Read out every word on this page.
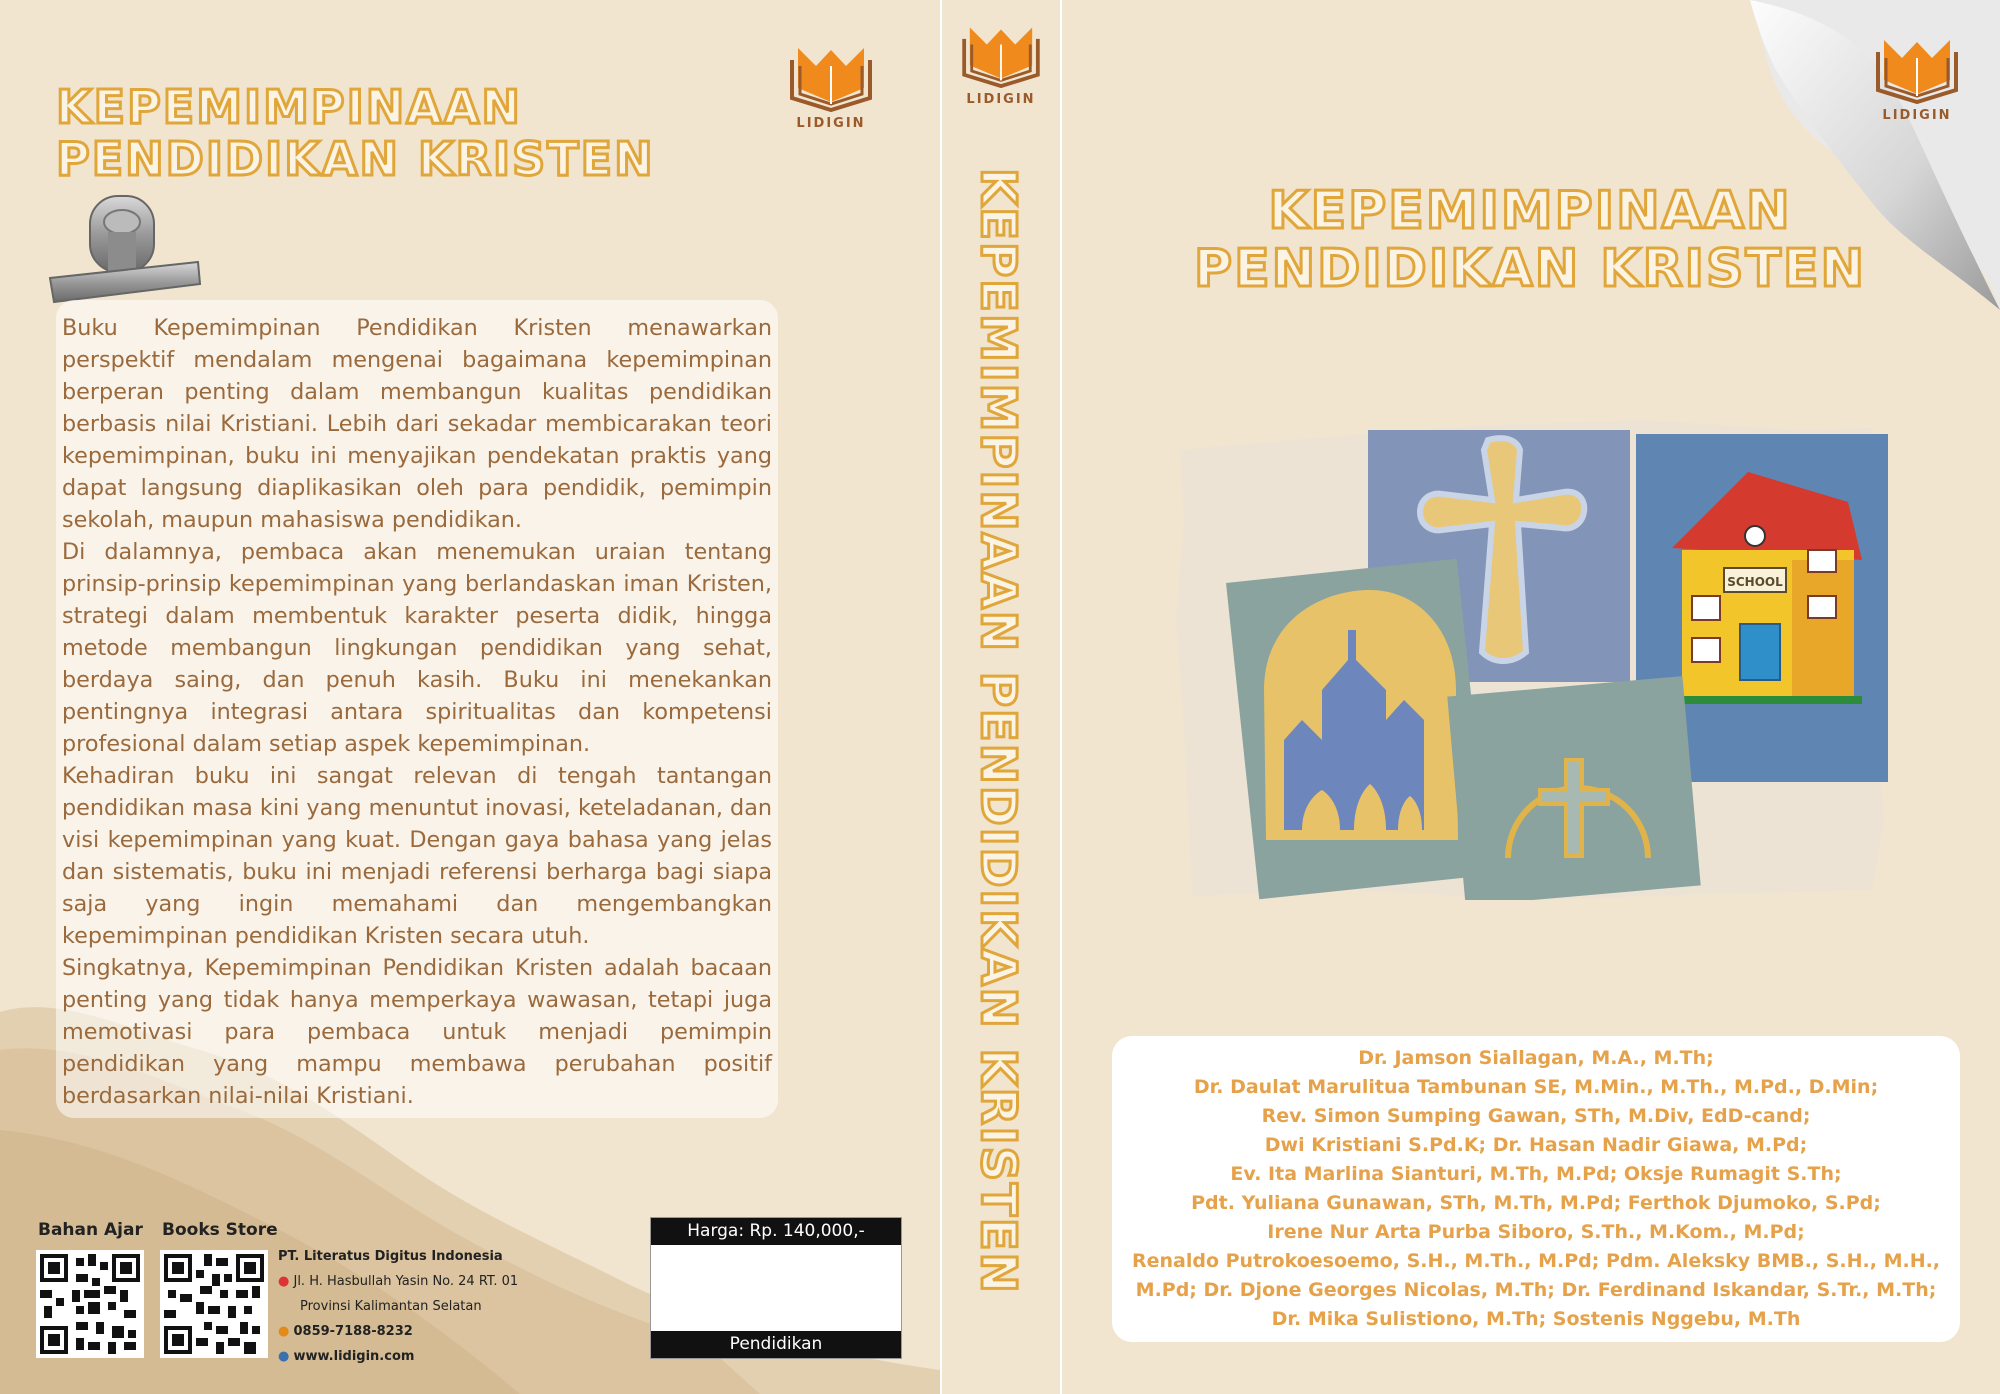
KEPEMIMPINAAN
PENDIDIKAN KRISTEN
LIDIGIN

Buku Kepemimpinan Pendidikan Kristen menawarkan perspektif mendalam mengenai bagaimana kepemimpinan berperan penting dalam membangun kualitas pendidikan berbasis nilai Kristiani. Lebih dari sekadar membicarakan teori kepemimpinan, buku ini menyajikan pendekatan praktis yang dapat langsung diaplikasikan oleh para pendidik, pemimpin sekolah, maupun mahasiswa pendidikan.

Di dalamnya, pembaca akan menemukan uraian tentang prinsip-prinsip kepemimpinan yang berlandaskan iman Kristen, strategi dalam membentuk karakter peserta didik, hingga metode membangun lingkungan pendidikan yang sehat, berdaya saing, dan penuh kasih. Buku ini menekankan pentingnya integrasi antara spiritualitas dan kompetensi profesional dalam setiap aspek kepemimpinan.

Kehadiran buku ini sangat relevan di tengah tantangan pendidikan masa kini yang menuntut inovasi, keteladanan, dan visi kepemimpinan yang kuat. Dengan gaya bahasa yang jelas dan sistematis, buku ini menjadi referensi berharga bagi siapa saja yang ingin memahami dan mengembangkan kepemimpinan pendidikan Kristen secara utuh.

Singkatnya, Kepemimpinan Pendidikan Kristen adalah bacaan penting yang tidak hanya memperkaya wawasan, tetapi juga memotivasi para pembaca untuk menjadi pemimpin pendidikan yang mampu membawa perubahan positif berdasarkan nilai-nilai Kristiani.

Bahan Ajar Books Store
PT. Literatus Digitus Indonesia
● Jl. H. Hasbullah Yasin No. 24 RT. 01
Provinsi Kalimantan Selatan
● 0859-7188-8232
● www.lidigin.com
Harga: Rp. 140,000,-
Pendidikan
LIDIGIN
KEPEMIMPINAAN PENDIDIKAN KRISTEN
LIDIGIN
KEPEMIMPINAAN
PENDIDIKAN KRISTEN
SCHOOL
Dr. Jamson Siallagan, M.A., M.Th;
Dr. Daulat Marulitua Tambunan SE, M.Min., M.Th., M.Pd., D.Min;
Rev. Simon Sumping Gawan, STh, M.Div, EdD-cand;
Dwi Kristiani S.Pd.K; Dr. Hasan Nadir Giawa, M.Pd;
Ev. Ita Marlina Sianturi, M.Th, M.Pd; Oksje Rumagit S.Th;
Pdt. Yuliana Gunawan, STh, M.Th, M.Pd; Ferthok Djumoko, S.Pd;
Irene Nur Arta Purba Siboro, S.Th., M.Kom., M.Pd;
Renaldo Putrokoesoemo, S.H., M.Th., M.Pd; Pdm. Aleksky BMB., S.H., M.H.,
M.Pd; Dr. Djone Georges Nicolas, M.Th; Dr. Ferdinand Iskandar, S.Tr., M.Th;
Dr. Mika Sulistiono, M.Th; Sostenis Nggebu, M.Th
